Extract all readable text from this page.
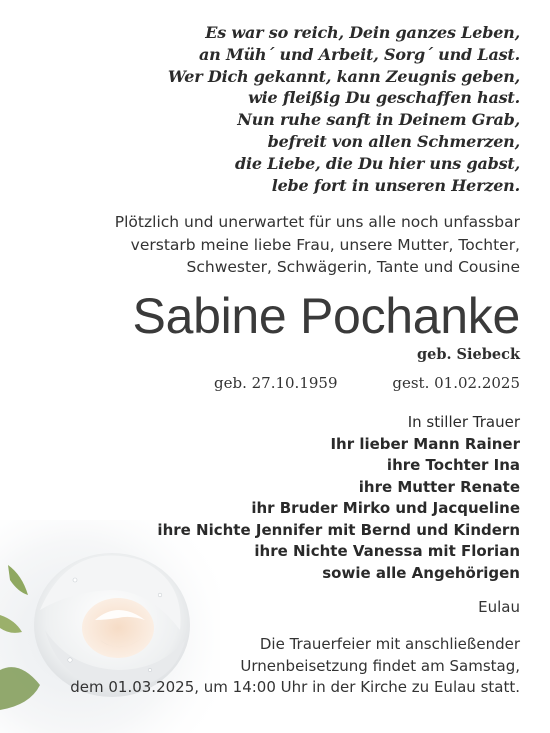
Es war so reich, Dein ganzes Leben,
an Müh´ und Arbeit, Sorg´ und Last.
Wer Dich gekannt, kann Zeugnis geben,
wie fleißig Du geschaffen hast.
Nun ruhe sanft in Deinem Grab,
befreit von allen Schmerzen,
die Liebe, die Du hier uns gabst,
lebe fort in unseren Herzen.
Plötzlich und unerwartet für uns alle noch unfassbar
verstarb meine liebe Frau, unsere Mutter, Tochter,
Schwester, Schwägerin, Tante und Cousine
Sabine Pochanke
geb. Siebeck
geb. 27.10.1959	gest. 01.02.2025
In stiller Trauer
Ihr lieber Mann Rainer
ihre Tochter Ina
ihre Mutter Renate
ihr Bruder Mirko und Jacqueline
ihre Nichte Jennifer mit Bernd und Kindern
ihre Nichte Vanessa mit Florian
sowie alle Angehörigen
Eulau
Die Trauerfeier mit anschließender
Urnenbeisetzung findet am Samstag,
dem 01.03.2025, um 14:00 Uhr in der Kirche zu Eulau statt.
